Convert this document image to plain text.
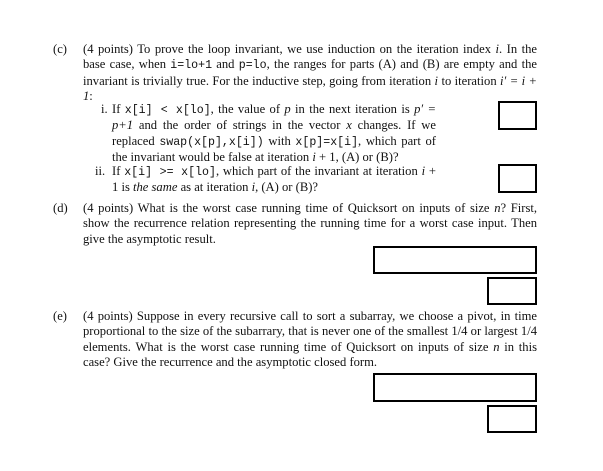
(c) (4 points) To prove the loop invariant, we use induction on the iteration index i. In the base case, when i=lo+1 and p=lo, the ranges for parts (A) and (B) are empty and the invariant is trivially true. For the inductive step, going from iteration i to iteration i′ = i + 1:
i. If x[i] < x[lo], the value of p in the next iteration is p′ = p+1 and the order of strings in the vector x changes. If we replaced swap(x[p],x[i]) with x[p]=x[i], which part of the invariant would be false at iteration i + 1, (A) or (B)?
ii. If x[i] >= x[lo], which part of the invariant at iteration i + 1 is the same as at iteration i, (A) or (B)?
(d) (4 points) What is the worst case running time of Quicksort on inputs of size n? First, show the recurrence relation representing the running time for a worst case input. Then give the asymptotic result.
(e) (4 points) Suppose in every recursive call to sort a subarray, we choose a pivot, in time proportional to the size of the subarrary, that is never one of the smallest 1/4 or largest 1/4 elements. What is the worst case running time of Quicksort on inputs of size n in this case? Give the recurrence and the asymptotic closed form.
